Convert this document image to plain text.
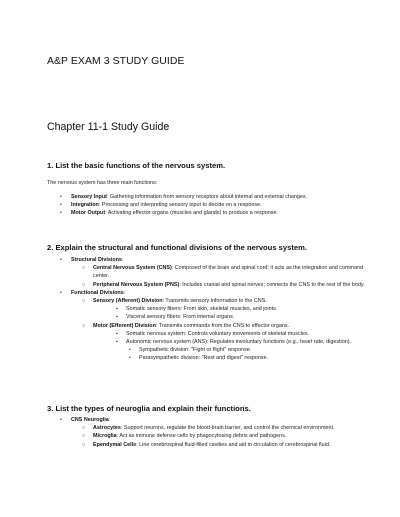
A&P EXAM 3 STUDY GUIDE
Chapter 11-1 Study Guide
1. List the basic functions of the nervous system.

The nervous system has three main functions:

•	Sensory Input: Gathering information from sensory receptors about internal and external changes.
•	Integration: Processing and interpreting sensory input to decide on a response.
•	Motor Output: Activating effector organs (muscles and glands) to produce a response.
2. Explain the structural and functional divisions of the nervous system.
•	Structural Divisions:
○	Central Nervous System (CNS): Composed of the brain and spinal cord; it acts as the integration and command center.
○	Peripheral Nervous System (PNS): Includes cranial and spinal nerves; connects the CNS to the rest of the body.
•	Functional Divisions:
○	Sensory (Afferent) Division: Transmits sensory information to the CNS.
▪	Somatic sensory fibers: From skin, skeletal muscles, and joints.
▪	Visceral sensory fibers: From internal organs.
○	Motor (Efferent) Division: Transmits commands from the CNS to effector organs.
▪	Somatic nervous system: Controls voluntary movements of skeletal muscles.
▪	Autonomic nervous system (ANS): Regulates involuntary functions (e.g., heart rate, digestion).
•	Sympathetic division: "Fight or flight" response.
•	Parasympathetic division: "Rest and digest" response.
3. List the types of neuroglia and explain their functions.
•	CNS Neuroglia:
○	Astrocytes: Support neurons, regulate the blood-brain barrier, and control the chemical environment.
○	Microglia: Act as immune defense cells by phagocytosing debris and pathogens.
○	Ependymal Cells: Line cerebrospinal fluid-filled cavities and aid in circulation of cerebrospinal fluid.
